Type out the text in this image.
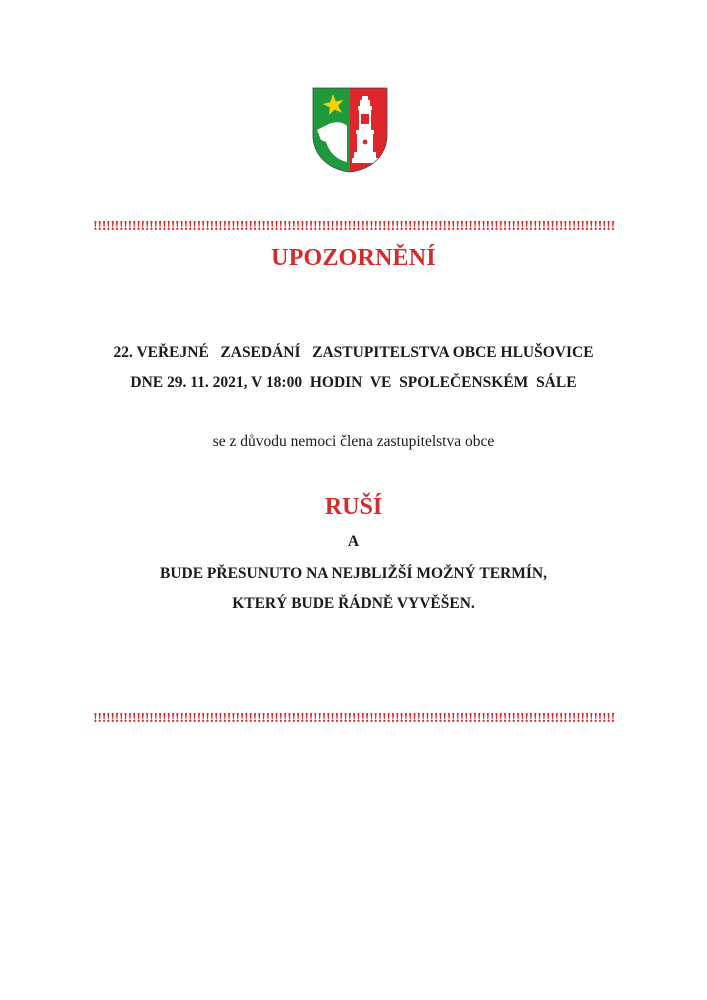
!!!!!!!!!!!!!!!!!!!!!!!!!!!!!!!!!!!!!!!!!!!!!!!!!!!!!!!!!!!!!!!!!!!!!!!!!!!!!!!!!!!!!!!!!!!!!!!!!!!!!!!!!!!!!!!!!!!!!!!!!
UPOZORNĚNÍ
22. VEŘEJNÉ   ZASEDÁNÍ   ZASTUPITELSTVA OBCE HLUŠOVICE
DNE 29. 11. 2021, V 18:00  HODIN  VE  SPOLEČENSKÉM  SÁLE
se z důvodu nemoci člena zastupitelstva obce
RUŠÍ
A
BUDE PŘESUNUTO NA NEJBLIŽŠÍ MOŽNÝ TERMÍN,
KTERÝ BUDE ŘÁDNĚ VYVĚŠEN.
!!!!!!!!!!!!!!!!!!!!!!!!!!!!!!!!!!!!!!!!!!!!!!!!!!!!!!!!!!!!!!!!!!!!!!!!!!!!!!!!!!!!!!!!!!!!!!!!!!!!!!!!!!!!!!!!!!!!!!!!!
